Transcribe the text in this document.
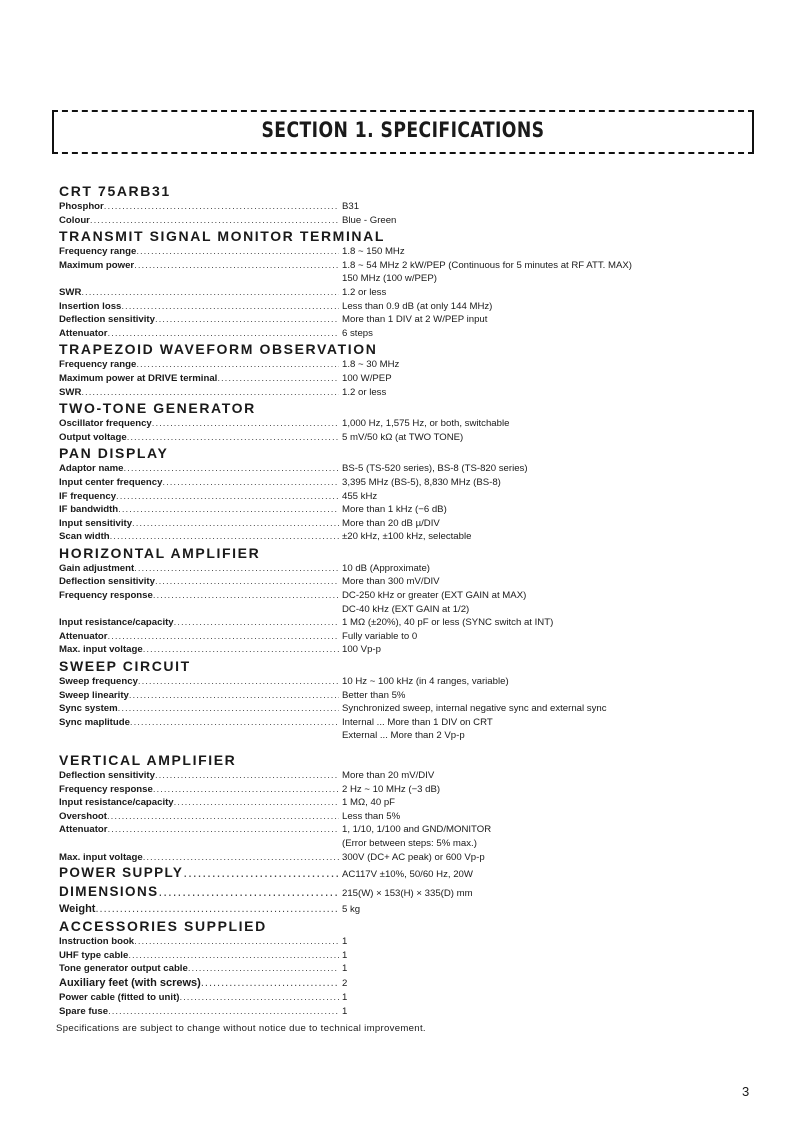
SECTION 1. SPECIFICATIONS
CRT 75ARB31
Phosphor .....	B31
Colour .....	Blue - Green
TRANSMIT SIGNAL MONITOR TERMINAL
Frequency range .....	1.8 ~ 150 MHz
Maximum power .....	1.8 ~ 54 MHz 2 kW/PEP (Continuous for 5 minutes at RF ATT. MAX)
150 MHz (100 w/PEP)
SWR .....	1.2 or less
Insertion loss .....	Less than 0.9 dB (at only 144 MHz)
Deflection sensitivity .....	More than 1 DIV at 2 W/PEP input
Attenuator .....	6 steps
TRAPEZOID WAVEFORM OBSERVATION
Frequency range .....	1.8 ~ 30 MHz
Maximum power at DRIVE terminal .....	100 W/PEP
SWR .....	1.2 or less
TWO-TONE GENERATOR
Oscillator frequency .....	1,000 Hz, 1,575 Hz, or both, switchable
Output voltage .....	5 mV/50 kΩ (at TWO TONE)
PAN DISPLAY
Adaptor name .....	BS-5 (TS-520 series), BS-8 (TS-820 series)
Input center frequency .....	3,395 MHz (BS-5), 8,830 MHz (BS-8)
IF frequency .....	455 kHz
IF bandwidth .....	More than 1 kHz (−6 dB)
Input sensitivity .....	More than 20 dB µ/DIV
Scan width .....	±20 kHz, ±100 kHz, selectable
HORIZONTAL AMPLIFIER
Gain adjustment .....	10 dB (Approximate)
Deflection sensitivity .....	More than 300 mV/DIV
Frequency response .....	DC-250 kHz or greater (EXT GAIN at MAX)
DC-40 kHz (EXT GAIN at 1/2)
Input resistance/capacity .....	1 MΩ (±20%), 40 pF or less (SYNC switch at INT)
Attenuator .....	Fully variable to 0
Max. input voltage .....	100 Vp-p
SWEEP CIRCUIT
Sweep frequency .....	10 Hz ~ 100 kHz (in 4 ranges, variable)
Sweep linearity .....	Better than 5%
Sync system .....	Synchronized sweep, internal negative sync and external sync
Sync maplitude .....	Internal ... More than 1 DIV on CRT
External ... More than 2 Vp-p
VERTICAL AMPLIFIER
Deflection sensitivity .....	More than 20 mV/DIV
Frequency response .....	2 Hz ~ 10 MHz (−3 dB)
Input resistance/capacity .....	1 MΩ, 40 pF
Overshoot .....	Less than 5%
Attenuator .....	1, 1/10, 1/100 and GND/MONITOR
(Error between steps: 5% max.)
Max. input voltage .....	300V (DC+ AC peak) or 600 Vp-p
POWER SUPPLY .....	AC117V ±10%, 50/60 Hz, 20W
DIMENSIONS .....	215(W) × 153(H) × 335(D) mm
Weight .....	5 kg
ACCESSORIES SUPPLIED
Instruction book .....	1
UHF type cable .....	1
Tone generator output cable .....	1
Auxiliary feet (with screws) .....	2
Power cable (fitted to unit) .....	1
Spare fuse .....	1
Specifications are subject to change without notice due to technical improvement.
3
